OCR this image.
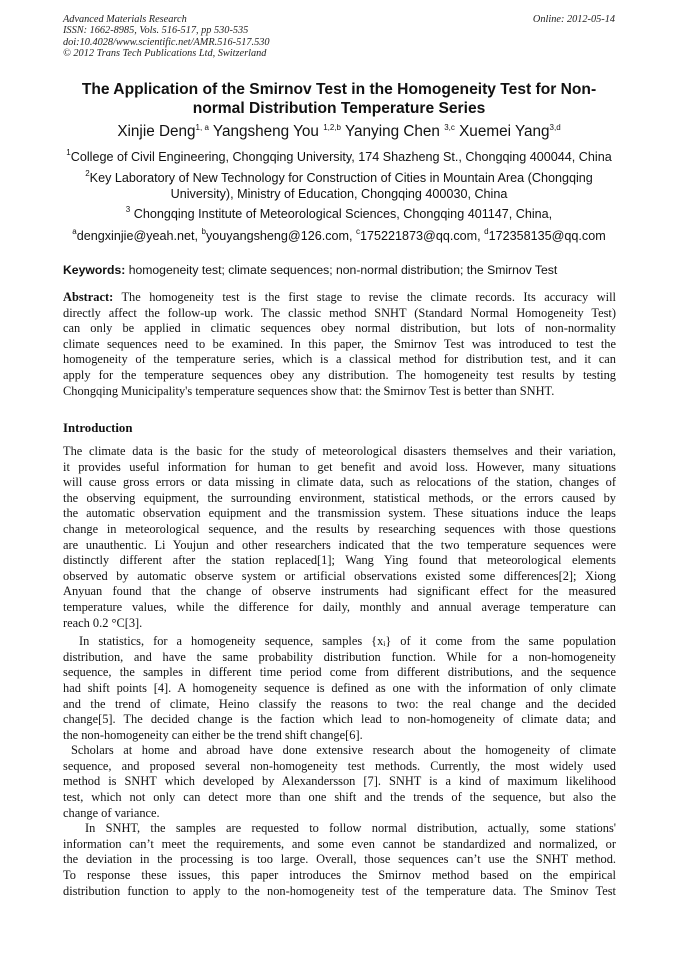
Advanced Materials Research
ISSN: 1662-8985, Vols. 516-517, pp 530-535
doi:10.4028/www.scientific.net/AMR.516-517.530
© 2012 Trans Tech Publications Ltd, Switzerland
Online: 2012-05-14
The Application of the Smirnov Test in the Homogeneity Test for Non-
normal Distribution Temperature Series
Xinjie Deng$^{1, a}$ Yangsheng You $^{1,2,b}$ Yanying Chen $^{3,c}$ Xuemei Yang$^{3,d}$
$^1$College of Civil Engineering, Chongqing University, 174 Shazheng St., Chongqing 400044, China
$^2$Key Laboratory of New Technology for Construction of Cities in Mountain Area (Chongqing
University), Ministry of Education, Chongqing 400030, China
$^3$ Chongqing Institute of Meteorological Sciences, Chongqing 401147, China,
$^a$dengxinjie@yeah.net, $^b$youyangsheng@126.com, $^c$175221873@qq.com, $^d$172358135@qq.com
Keywords: homogeneity test; climate sequences; non-normal distribution; the Smirnov Test
Abstract: The homogeneity test is the first stage to revise the climate records. Its accuracy will
directly affect the follow-up work. The classic method SNHT (Standard Normal Homogeneity Test)
can only be applied in climatic sequences obey normal distribution, but lots of non-normality
climate sequences need to be examined. In this paper, the Smirnov Test was introduced to test the
homogeneity of the temperature series, which is a classical method for distribution test, and it can
apply for the temperature sequences obey any distribution. The homogeneity test results by testing
Chongqing Municipality's temperature sequences show that: the Smirnov Test is better than SNHT.
Introduction
The climate data is the basic for the study of meteorological disasters themselves and their variation,
it provides useful information for human to get benefit and avoid loss. However, many situations
will cause gross errors or data missing in climate data, such as relocations of the station, changes of
the observing equipment, the surrounding environment, statistical methods, or the errors caused by
the automatic observation equipment and the transmission system. These situations induce the leaps
change in meteorological sequence, and the results by researching sequences with those questions
are unauthentic. Li Youjun and other researchers indicated that the two temperature sequences were
distinctly different after the station replaced[1]; Wang Ying found that meteorological elements
observed by automatic observe system or artificial observations existed some differences[2]; Xiong
Anyuan found that the change of observe instruments had significant effect for the measured
temperature values, while the difference for daily, monthly and annual average temperature can
reach 0.2 °C[3].
In statistics, for a homogeneity sequence, samples {xᵢ} of it come from the same population
distribution, and have the same probability distribution function. While for a non-homogeneity
sequence, the samples in different time period come from different distributions, and the sequence
had shift points [4]. A homogeneity sequence is defined as one with the information of only climate
and the trend of climate, Heino classify the reasons to two: the real change and the decided
change[5]. The decided change is the faction which lead to non-homogeneity of climate data; and
the non-homogeneity can either be the trend shift change[6].
Scholars at home and abroad have done extensive research about the homogeneity of climate
sequence, and proposed several non-homogeneity test methods. Currently, the most widely used
method is SNHT which developed by Alexandersson [7]. SNHT is a kind of maximum likelihood
test, which not only can detect more than one shift and the trends of the sequence, but also the
change of variance.
In SNHT, the samples are requested to follow normal distribution, actually, some stations'
information can’t meet the requirements, and some even cannot be standardized and normalized, or
the deviation in the processing is too large. Overall, those sequences can’t use the SNHT method.
To response these issues, this paper introduces the Smirnov method based on the empirical
distribution function to apply to the non-homogeneity test of the temperature data. The Sminov Test
